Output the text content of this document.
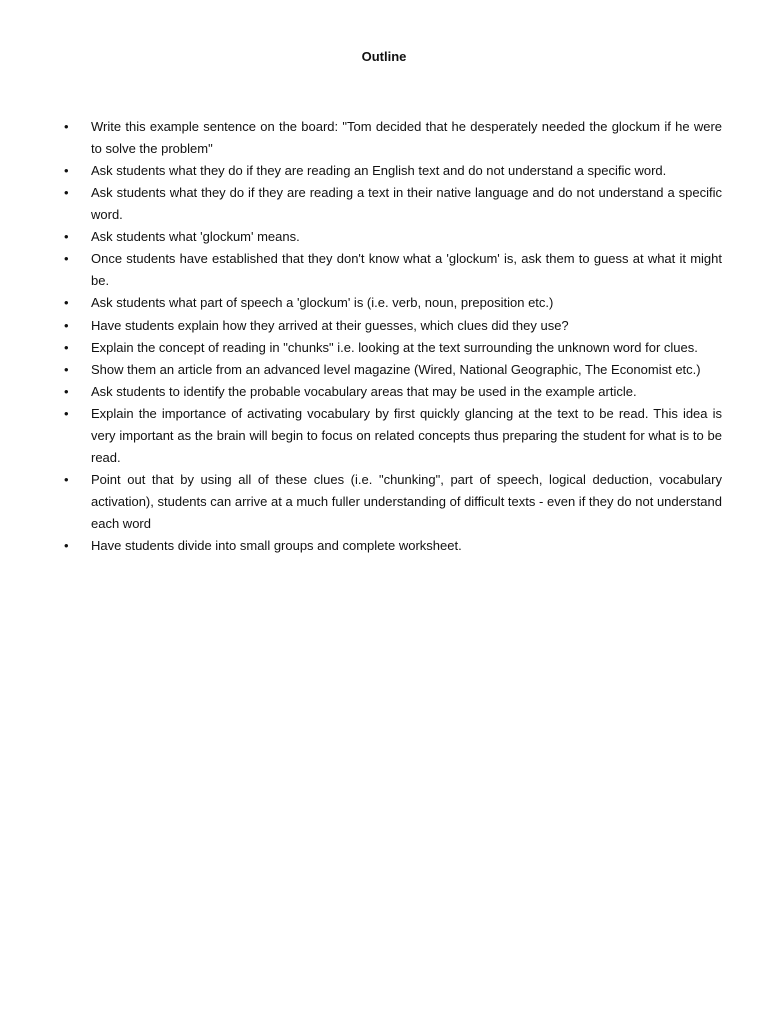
Outline
• Write this example sentence on the board: "Tom decided that he desperately needed the glockum if he were to solve the problem"
• Ask students what they do if they are reading an English text and do not understand a specific word.
• Ask students what they do if they are reading a text in their native language and do not understand a specific word.
• Ask students what 'glockum' means.
• Once students have established that they don't know what a 'glockum' is, ask them to guess at what it might be.
• Ask students what part of speech a 'glockum' is (i.e. verb, noun, preposition etc.)
• Have students explain how they arrived at their guesses, which clues did they use?
• Explain the concept of reading in "chunks" i.e. looking at the text surrounding the unknown word for clues.
• Show them an article from an advanced level magazine (Wired, National Geographic, The Economist etc.)
• Ask students to identify the probable vocabulary areas that may be used in the example article.
• Explain the importance of activating vocabulary by first quickly glancing at the text to be read. This idea is very important as the brain will begin to focus on related concepts thus preparing the student for what is to be read.
• Point out that by using all of these clues (i.e. "chunking", part of speech, logical deduction, vocabulary activation), students can arrive at a much fuller understanding of difficult texts - even if they do not understand each word
• Have students divide into small groups and complete worksheet.
